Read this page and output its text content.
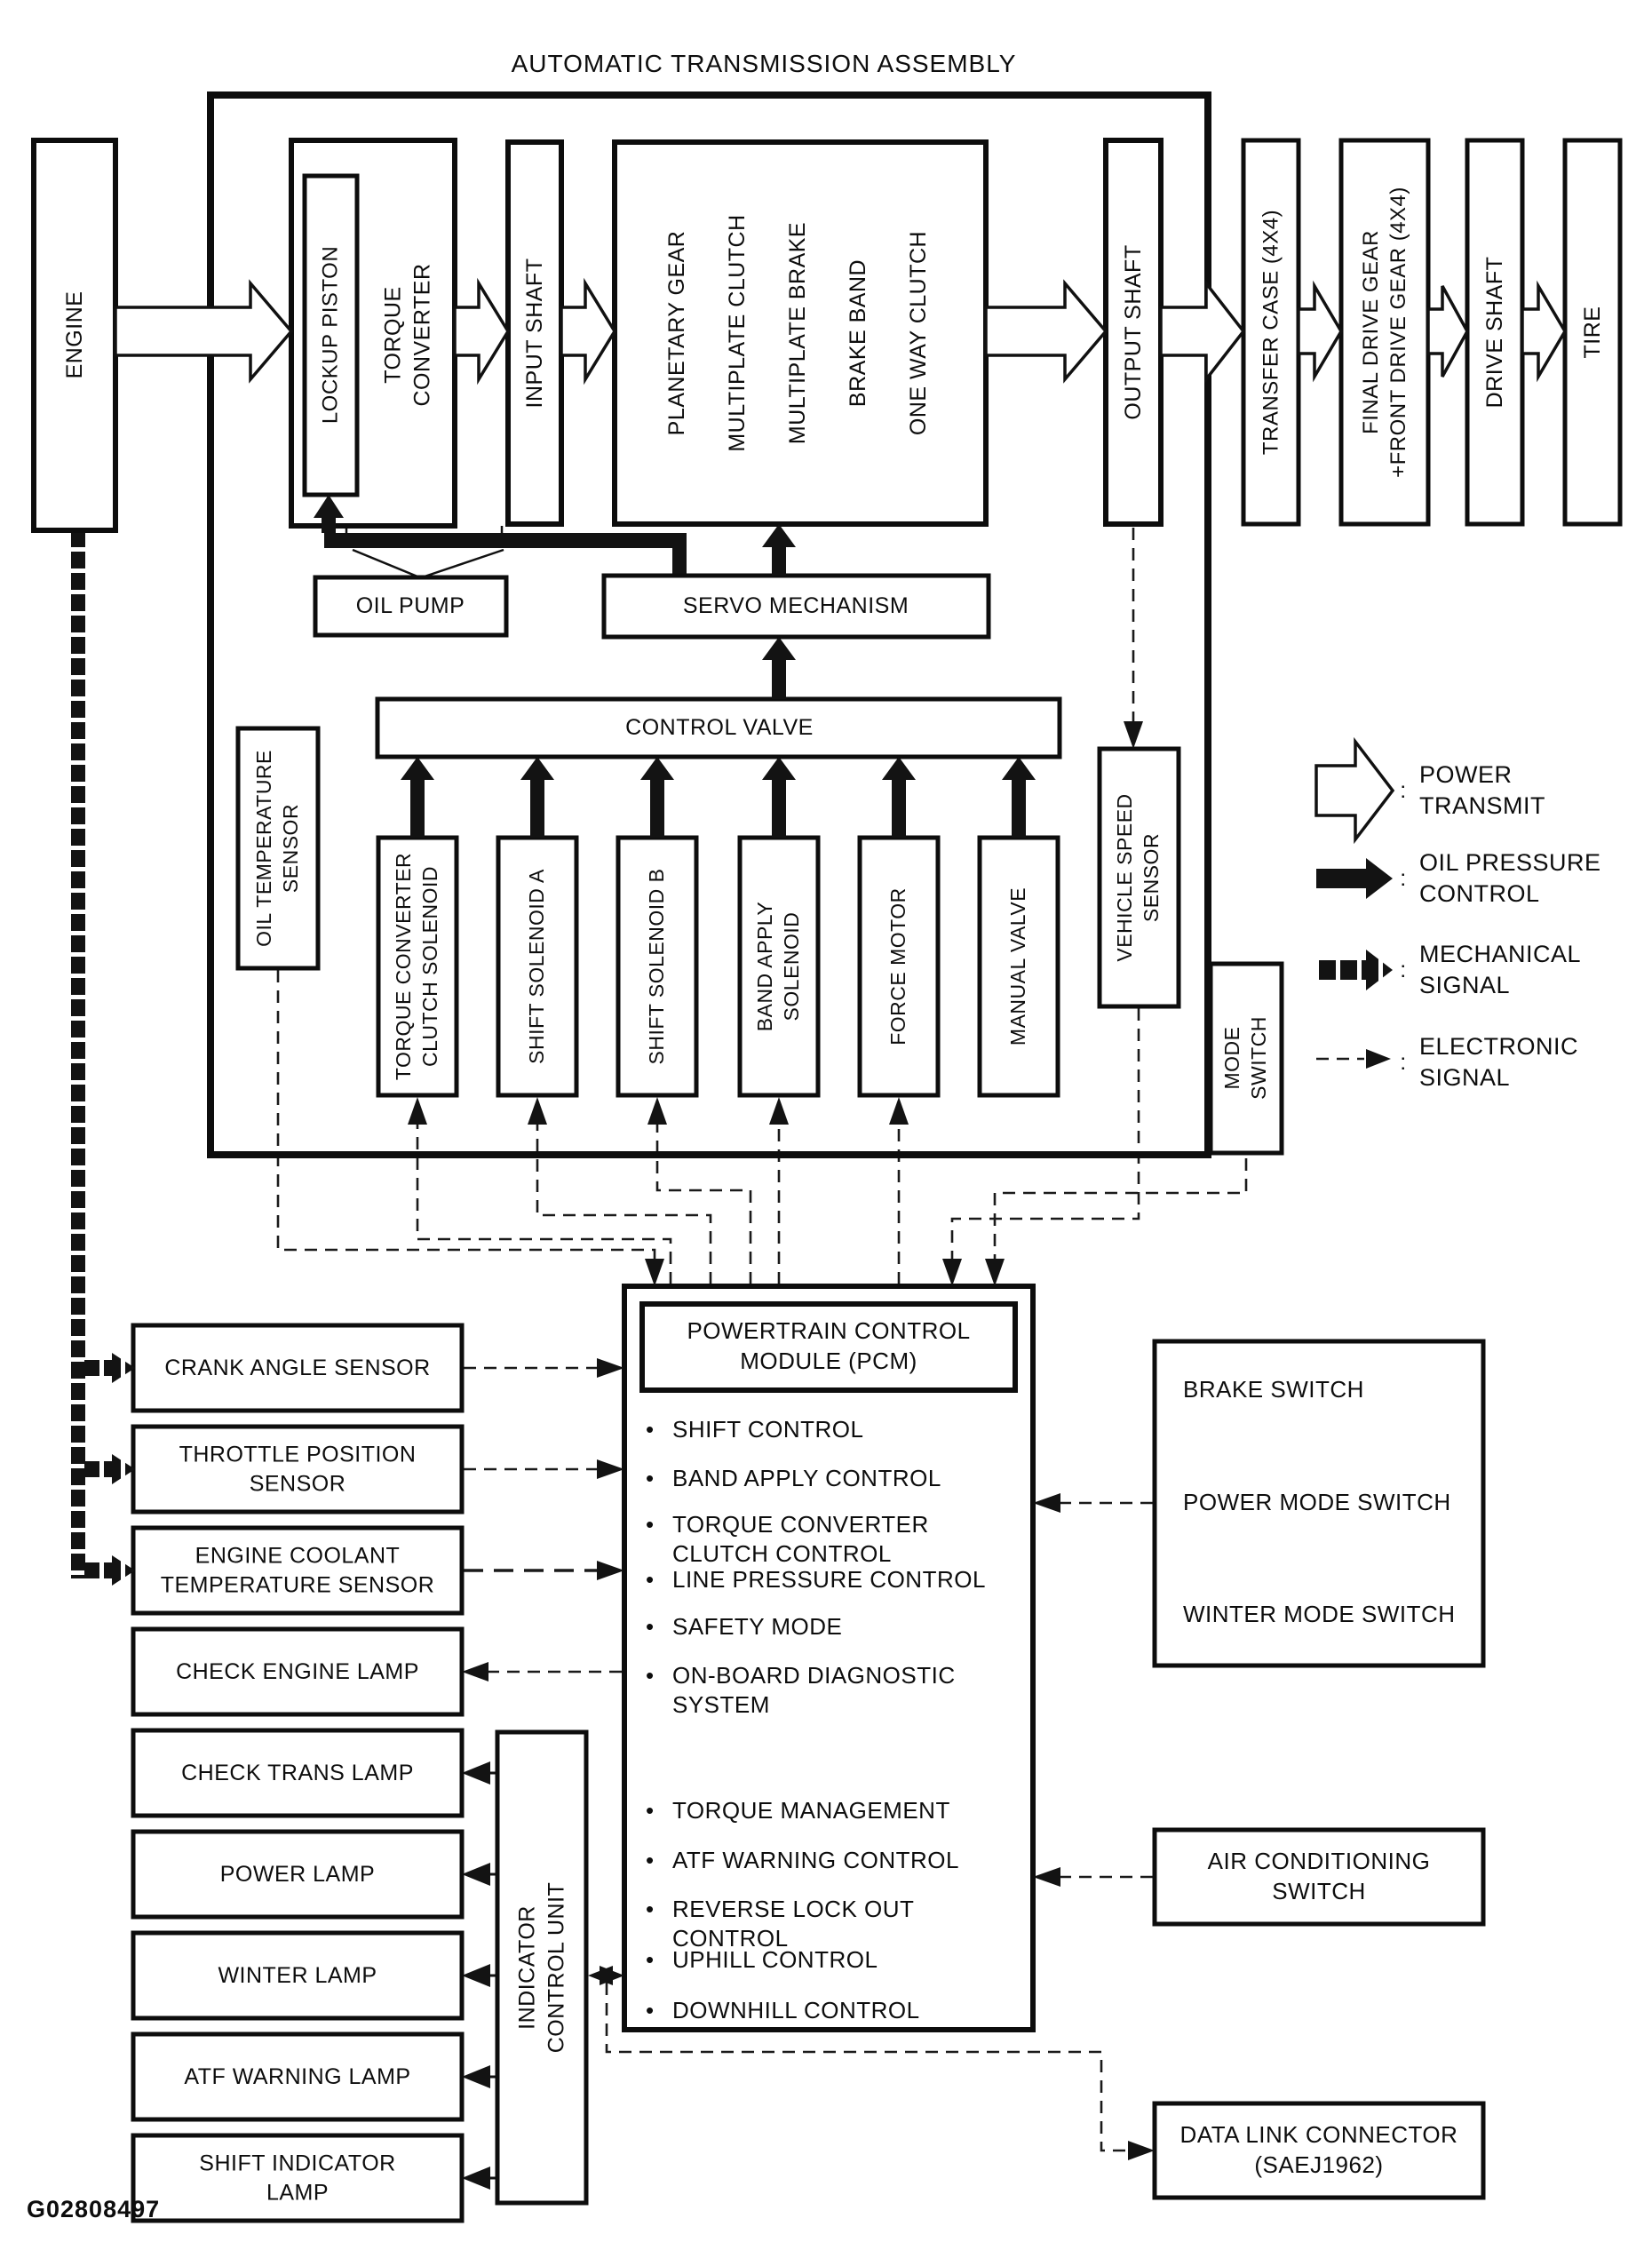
AUTOMATIC TRANSMISSION ASSEMBLY
ENGINE	LOCKUP PISTON TORQUE CONVERTER	INPUT SHAFT	PLANETARY GEAR MULTIPLATE CLUTCH MULTIPLATE BRAKE BRAKE BAND ONE WAY CLUTCH	OUTPUT SHAFT	TRANSFER CASE (4X4)	FINAL DRIVE GEAR +FRONT DRIVE GEAR (4X4)	DRIVE SHAFT	TIRE
OIL PUMP	SERVO MECHANISM
CONTROL VALVE
TORQUE CONVERTER CLUTCH SOLENOID	SHIFT SOLENOID A	SHIFT SOLENOID B	BAND APPLY SOLENOID	FORCE MOTOR	MANUAL VALVE
OIL TEMPERATURE SENSOR	VEHICLE SPEED SENSOR
MODE SWITCH
:
POWER
TRANSMIT
:
OIL PRESSURE
CONTROL
:
MECHANICAL
SIGNAL
:
ELECTRONIC
SIGNAL
POWERTRAIN CONTROL
MODULE (PCM)
• SHIFT CONTROL
• BAND APPLY CONTROL
• TORQUE CONVERTER CLUTCH CONTROL
• LINE PRESSURE CONTROL
• SAFETY MODE
• ON-BOARD DIAGNOSTIC SYSTEM
• TORQUE MANAGEMENT
• ATF WARNING CONTROL
• REVERSE LOCK OUT CONTROL
• UPHILL CONTROL
• DOWNHILL CONTROL
CRANK ANGLE SENSOR
THROTTLE POSITION
SENSOR
ENGINE COOLANT
TEMPERATURE SENSOR
CHECK ENGINE LAMP
CHECK TRANS LAMP
POWER LAMP
WINTER LAMP
ATF WARNING LAMP
SHIFT INDICATOR
LAMP
INDICATOR CONTROL UNIT
BRAKE SWITCH
POWER MODE SWITCH
WINTER MODE SWITCH
AIR CONDITIONING
SWITCH
DATA LINK CONNECTOR
(SAEJ1962)
G02808497
